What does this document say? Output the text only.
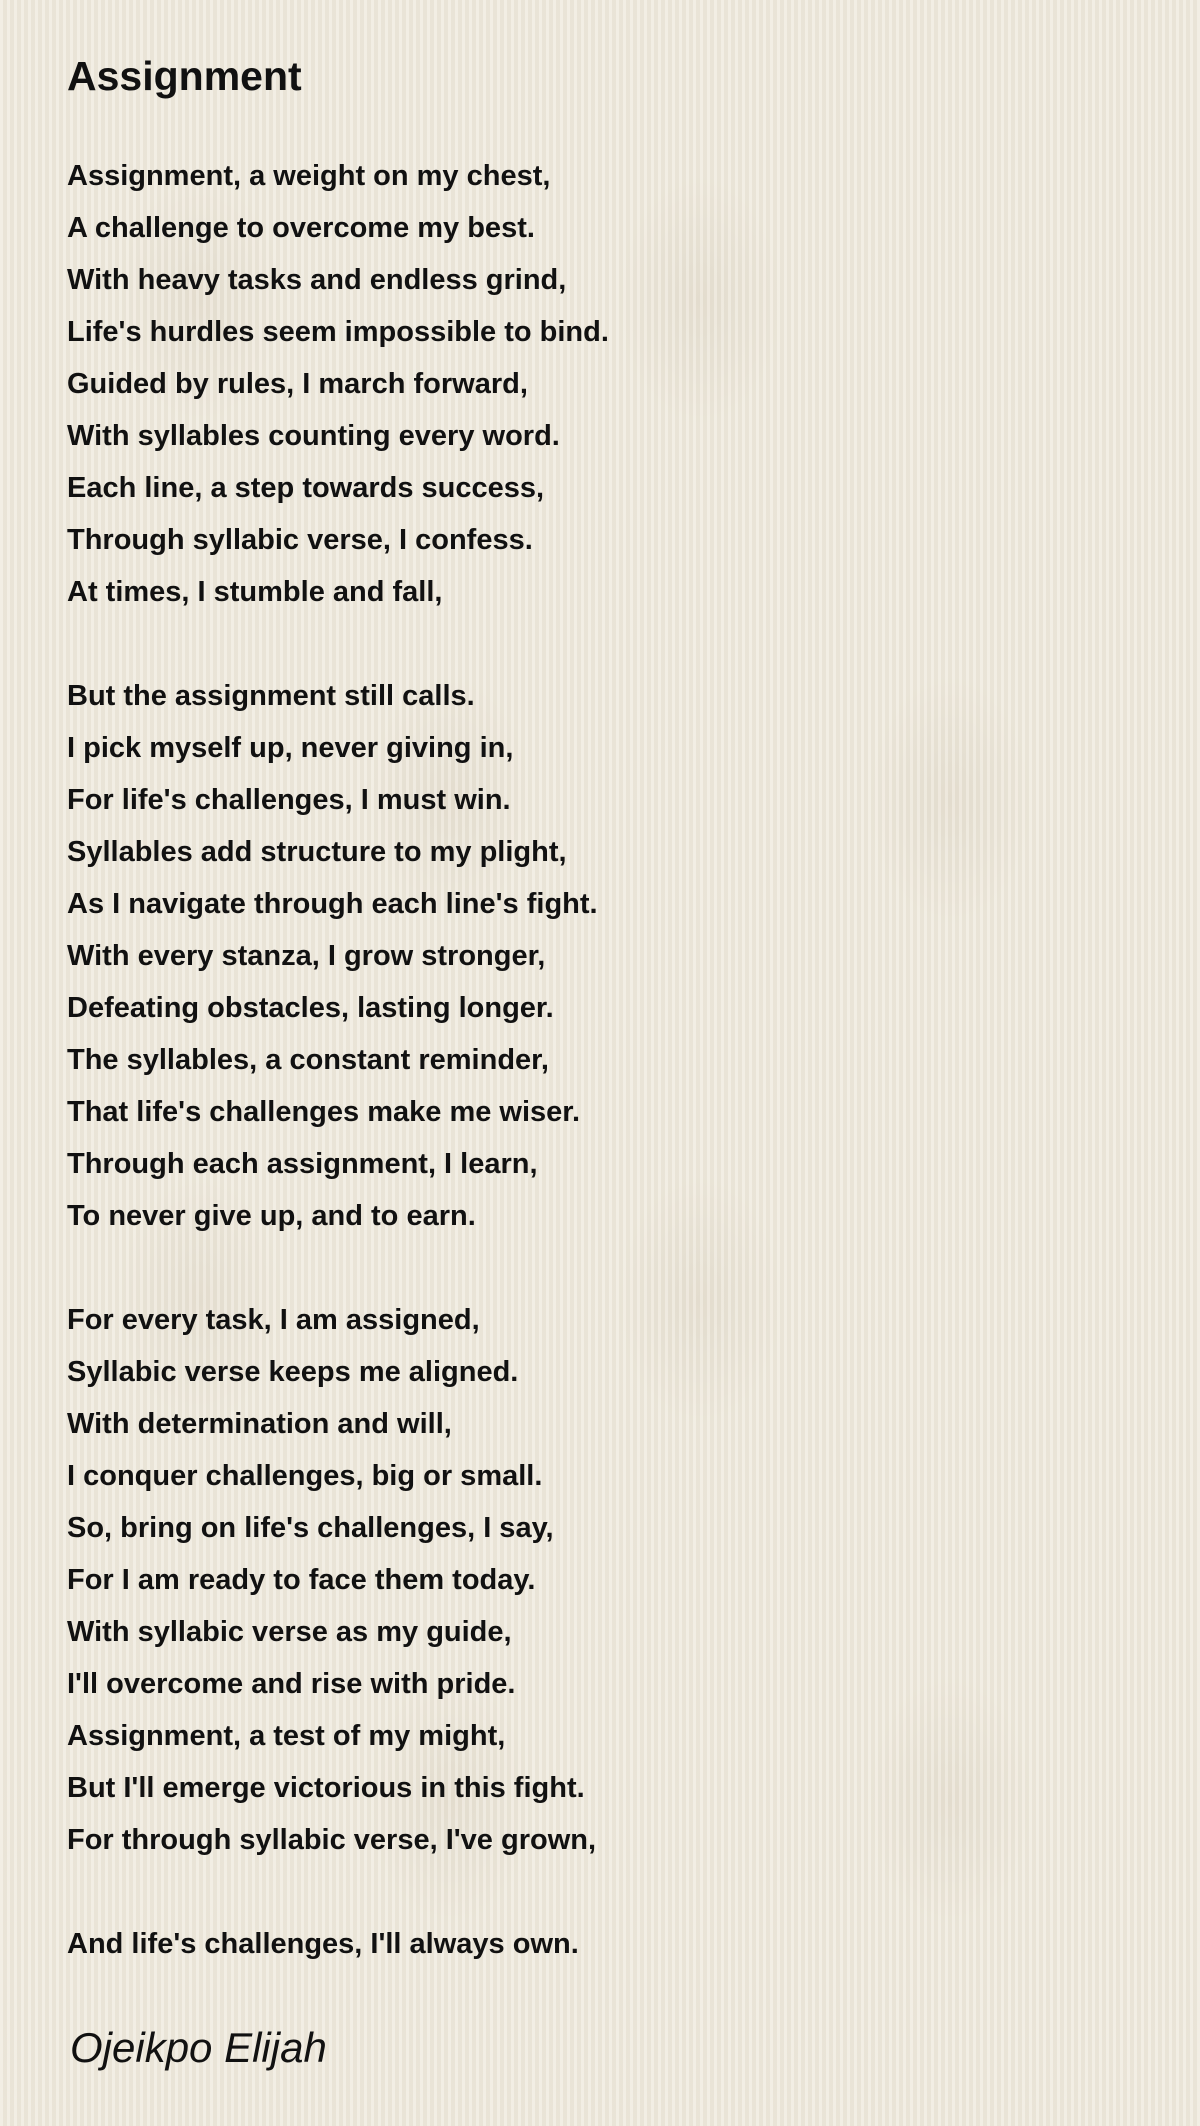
Assignment
Assignment, a weight on my chest,
A challenge to overcome my best.
With heavy tasks and endless grind,
Life's hurdles seem impossible to bind.
Guided by rules, I march forward,
With syllables counting every word.
Each line, a step towards success,
Through syllabic verse, I confess.
At times, I stumble and fall,
But the assignment still calls.
I pick myself up, never giving in,
For life's challenges, I must win.
Syllables add structure to my plight,
As I navigate through each line's fight.
With every stanza, I grow stronger,
Defeating obstacles, lasting longer.
The syllables, a constant reminder,
That life's challenges make me wiser.
Through each assignment, I learn,
To never give up, and to earn.
For every task, I am assigned,
Syllabic verse keeps me aligned.
With determination and will,
I conquer challenges, big or small.
So, bring on life's challenges, I say,
For I am ready to face them today.
With syllabic verse as my guide,
I'll overcome and rise with pride.
Assignment, a test of my might,
But I'll emerge victorious in this fight.
For through syllabic verse, I've grown,
And life's challenges, I'll always own.
Ojeikpo Elijah
